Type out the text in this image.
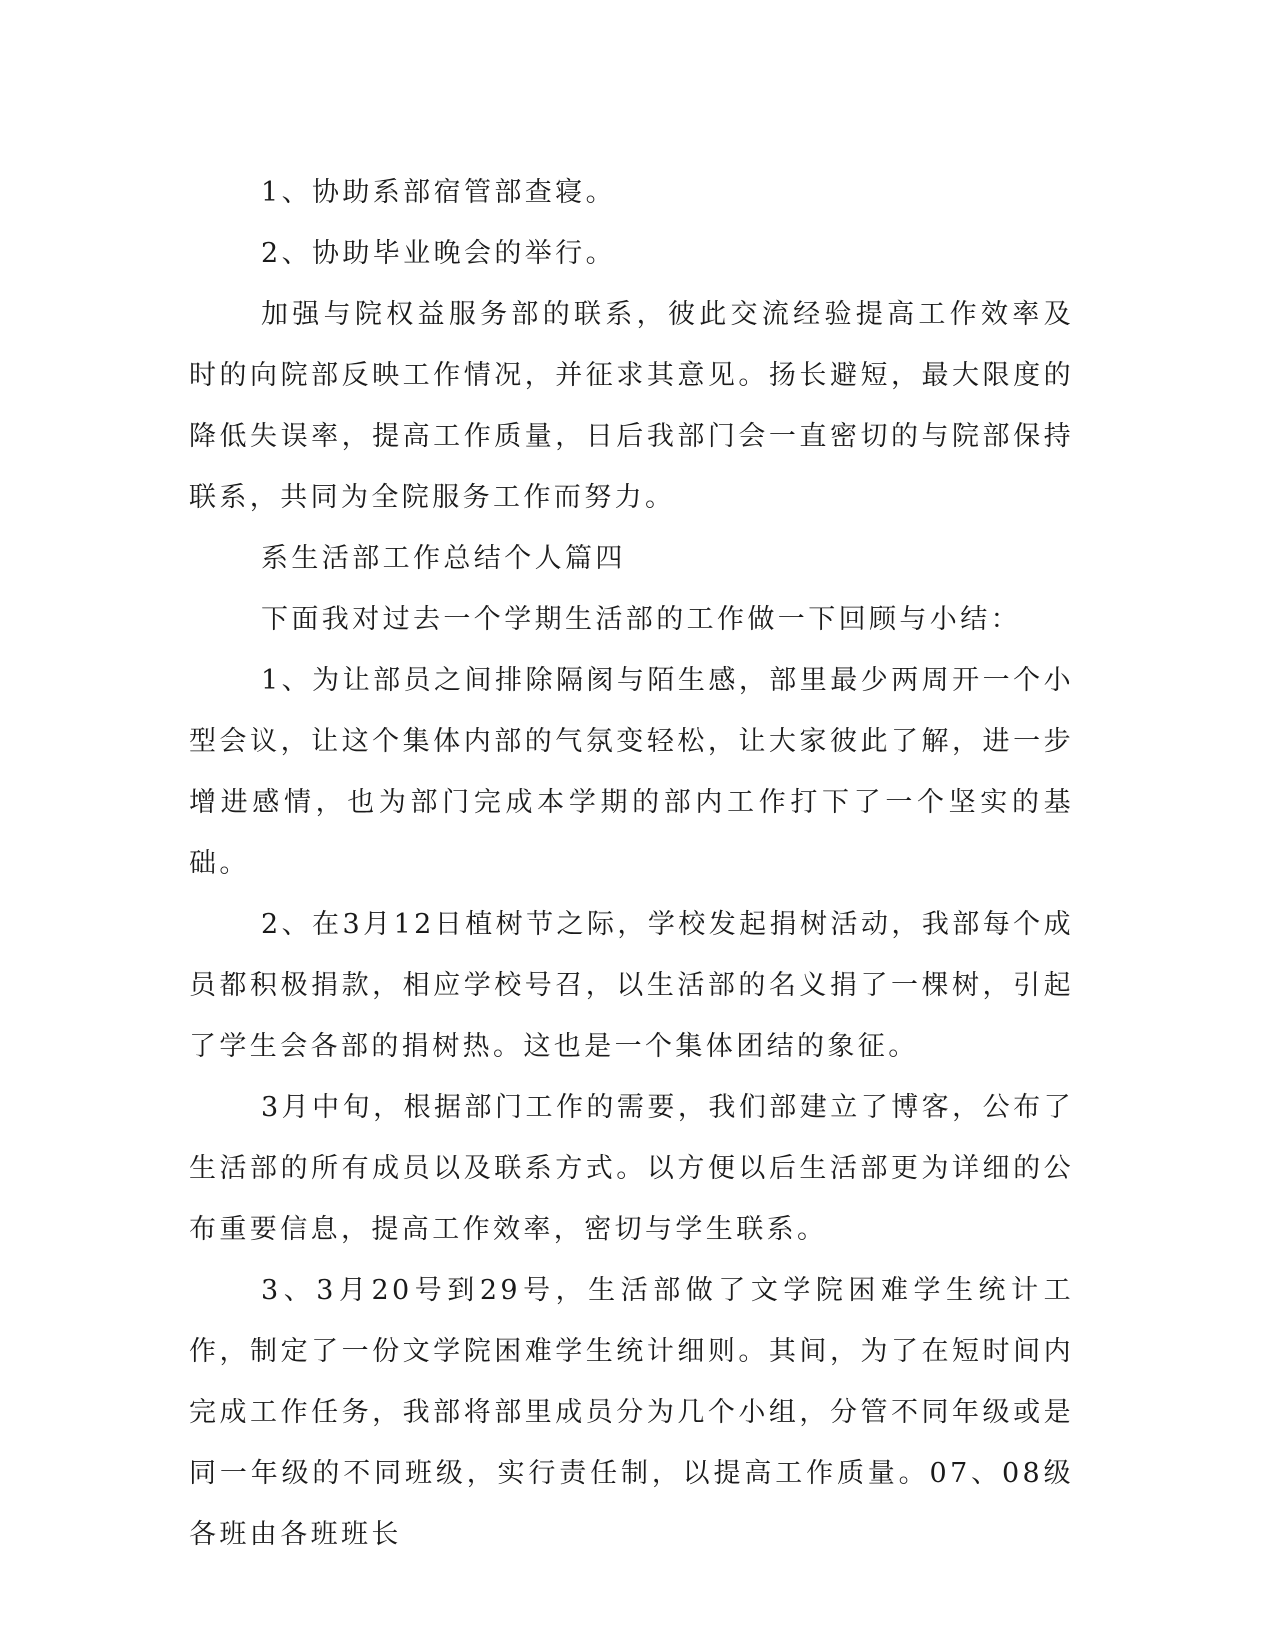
1、协助系部宿管部查寝。

2、协助毕业晚会的举行。

加强与院权益服务部的联系，彼此交流经验提高工作效率及时的向院部反映工作情况，并征求其意见。扬长避短，最大限度的降低失误率，提高工作质量，日后我部门会一直密切的与院部保持联系，共同为全院服务工作而努力。

系生活部工作总结个人篇四

下面我对过去一个学期生活部的工作做一下回顾与小结：

1、为让部员之间排除隔阂与陌生感，部里最少两周开一个小型会议，让这个集体内部的气氛变轻松，让大家彼此了解，进一步增进感情，也为部门完成本学期的部内工作打下了一个坚实的基础。

2、在3月12日植树节之际，学校发起捐树活动，我部每个成员都积极捐款，相应学校号召，以生活部的名义捐了一棵树，引起了学生会各部的捐树热。这也是一个集体团结的象征。

3月中旬，根据部门工作的需要，我们部建立了博客，公布了生活部的所有成员以及联系方式。以方便以后生活部更为详细的公布重要信息，提高工作效率，密切与学生联系。

3、3月20号到29号，生活部做了文学院困难学生统计工作，制定了一份文学院困难学生统计细则。其间，为了在短时间内完成工作任务，我部将部里成员分为几个小组，分管不同年级或是同一年级的不同班级，实行责任制，以提高工作质量。07、08级各班由各班班长
